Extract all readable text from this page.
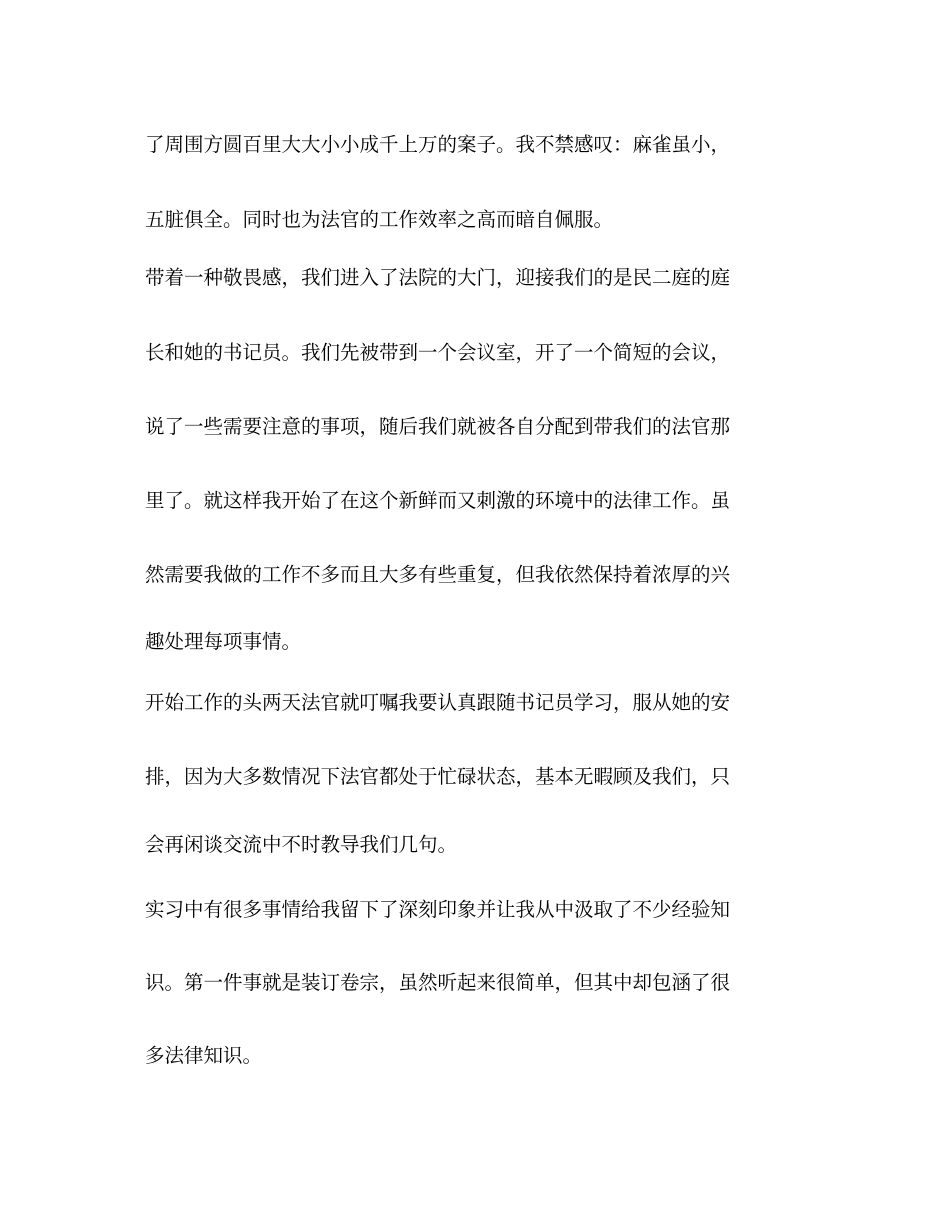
了周围方圆百里大大小小成千上万的案子。我不禁感叹：麻雀虽小，
五脏俱全。同时也为法官的工作效率之高而暗自佩服。
带着一种敬畏感，我们进入了法院的大门，迎接我们的是民二庭的庭
长和她的书记员。我们先被带到一个会议室，开了一个简短的会议，
说了一些需要注意的事项，随后我们就被各自分配到带我们的法官那
里了。就这样我开始了在这个新鲜而又刺激的环境中的法律工作。虽
然需要我做的工作不多而且大多有些重复，但我依然保持着浓厚的兴
趣处理每项事情。
开始工作的头两天法官就叮嘱我要认真跟随书记员学习，服从她的安
排，因为大多数情况下法官都处于忙碌状态，基本无暇顾及我们，只
会再闲谈交流中不时教导我们几句。
实习中有很多事情给我留下了深刻印象并让我从中汲取了不少经验知
识。第一件事就是装订卷宗，虽然听起来很简单，但其中却包涵了很
多法律知识。
